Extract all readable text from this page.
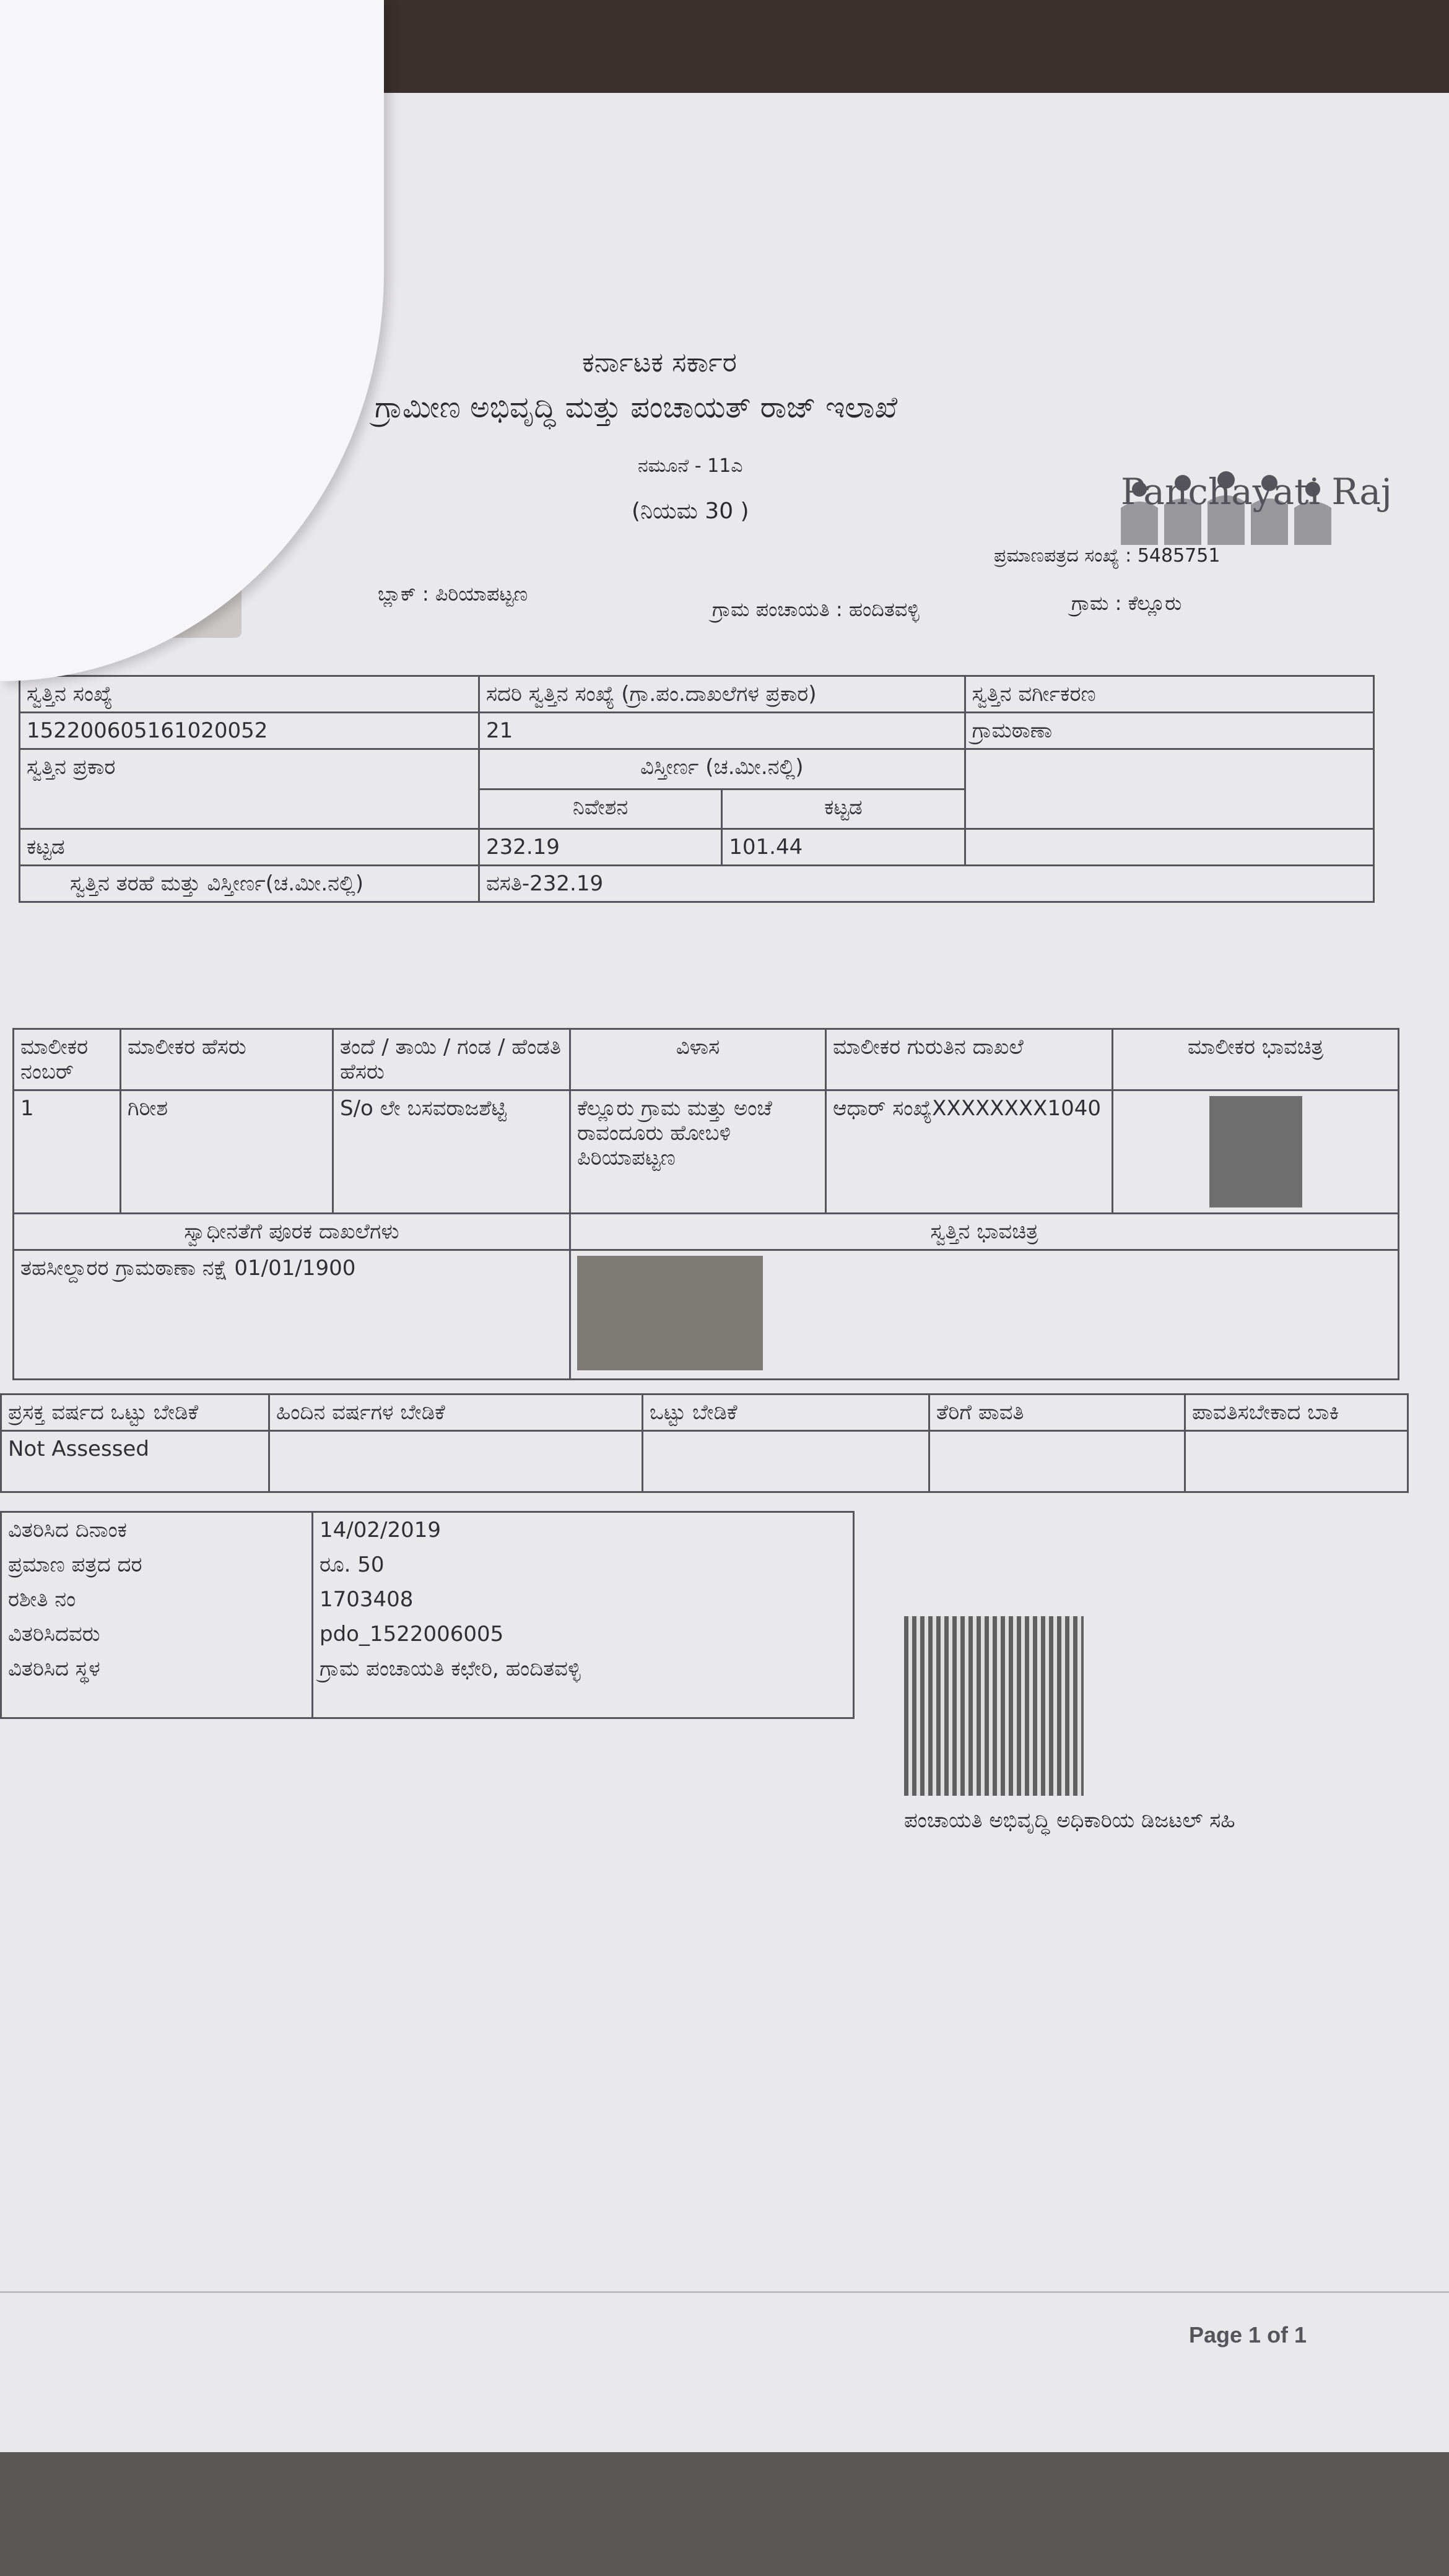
ಕರ್ನಾಟಕ ಸರ್ಕಾರ
ಗ್ರಾಮೀಣ ಅಭಿವೃದ್ಧಿ ಮತ್ತು ಪಂಚಾಯತ್ ರಾಜ್ ಇಲಾಖೆ
ನಮೂನೆ - 11ಎ
(ನಿಯಮ 30 )	Panchayati Raj
ಪ್ರಮಾಣಪತ್ರದ ಸಂಖ್ಯೆ : 5485751
ಬ್ಲಾಕ್ : ಪಿರಿಯಾಪಟ್ಟಣ
ಗ್ರಾಮ ಪಂಚಾಯತಿ : ಹಂದಿತವಳ್ಳಿ	ಗ್ರಾಮ : ಕೆಲ್ಲೂರು
ಸ್ವತ್ತಿನ ಸಂಖ್ಯೆ	ಸದರಿ ಸ್ವತ್ತಿನ ಸಂಖ್ಯೆ (ಗ್ರಾ.ಪಂ.ದಾಖಲೆಗಳ ಪ್ರಕಾರ)		ಸ್ವತ್ತಿನ ವರ್ಗೀಕರಣ
152200605161020052	21		ಗ್ರಾಮಠಾಣಾ
ಸ್ವತ್ತಿನ ಪ್ರಕಾರ	ವಿಸ್ತೀರ್ಣ (ಚ.ಮೀ.ನಲ್ಲಿ)		
	ನಿವೇಶನ	ಕಟ್ಟಡ	
ಕಟ್ಟಡ	232.19	101.44	
ಸ್ವತ್ತಿನ ತರಹೆ ಮತ್ತು ವಿಸ್ತೀರ್ಣ(ಚ.ಮೀ.ನಲ್ಲಿ)	ವಸತಿ-232.19		
ಮಾಲೀಕರ ನಂಬರ್	ಮಾಲೀಕರ ಹೆಸರು	ತಂದೆ / ತಾಯಿ / ಗಂಡ / ಹೆಂಡತಿ ಹೆಸರು	ವಿಳಾಸ	ಮಾಲೀಕರ ಗುರುತಿನ ದಾಖಲೆ	ಮಾಲೀಕರ ಭಾವಚಿತ್ರ
1	ಗಿರೀಶ	S/o ಲೇ ಬಸವರಾಜಶೆಟ್ಟಿ	ಕೆಲ್ಲೂರು ಗ್ರಾಮ ಮತ್ತು ಅಂಚೆ ರಾವಂದೂರು ಹೋಬಳಿ ಪಿರಿಯಾಪಟ್ಟಣ	ಆಧಾರ್ ಸಂಖ್ಯೆXXXXXXXX1040	

ಸ್ವಾಧೀನತೆಗೆ ಪೂರಕ ದಾಖಲೆಗಳು			ಸ್ವತ್ತಿನ ಭಾವಚಿತ್ರ		
ತಹಸೀಲ್ದಾರರ ಗ್ರಾಮಠಾಣಾ ನಕ್ಷೆ 01/01/1900					
ಪ್ರಸಕ್ತ ವರ್ಷದ ಒಟ್ಟು ಬೇಡಿಕೆ	ಹಿಂದಿನ ವರ್ಷಗಳ ಬೇಡಿಕೆ	ಒಟ್ಟು ಬೇಡಿಕೆ	ತೆರಿಗೆ ಪಾವತಿ	ಪಾವತಿಸಬೇಕಾದ ಬಾಕಿ
Not Assessed				
ವಿತರಿಸಿದ ದಿನಾಂಕ	14/02/2019
ಪ್ರಮಾಣ ಪತ್ರದ ದರ	ರೂ. 50
ರಶೀತಿ ನಂ	1703408
ವಿತರಿಸಿದವರು	pdo_1522006005
ವಿತರಿಸಿದ ಸ್ಥಳ	ಗ್ರಾಮ ಪಂಚಾಯತಿ ಕಛೇರಿ, ಹಂದಿತವಳ್ಳಿ
ಪಂಚಾಯತಿ ಅಭಿವೃದ್ಧಿ ಅಧಿಕಾರಿಯ ಡಿಜಟಲ್ ಸಹಿ
Page 1 of 1
